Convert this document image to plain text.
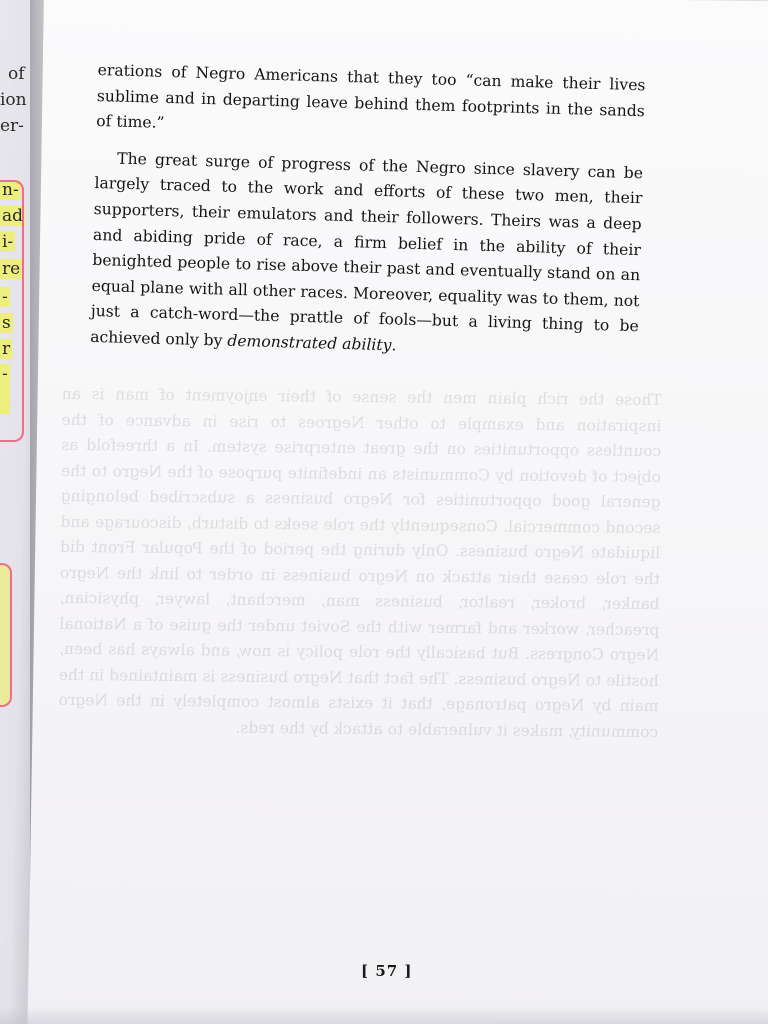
of
ion
er-
n-
ad
i-
re
-
s
r
-

erations of Negro Americans that they too “can make their lives sublime and in departing leave behind them footprints in the sands of time.”

The great surge of progress of the Negro since slavery can be largely traced to the work and efforts of these two men, their supporters, their emulators and their followers. Theirs was a deep and abiding pride of race, a firm belief in the ability of their benighted people to rise above their past and eventually stand on an equal plane with all other races. Moreover, equality was to them, not just a catch-word—the prattle of fools—but a living thing to be achieved only by demonstrated ability.

[ 57 ]
